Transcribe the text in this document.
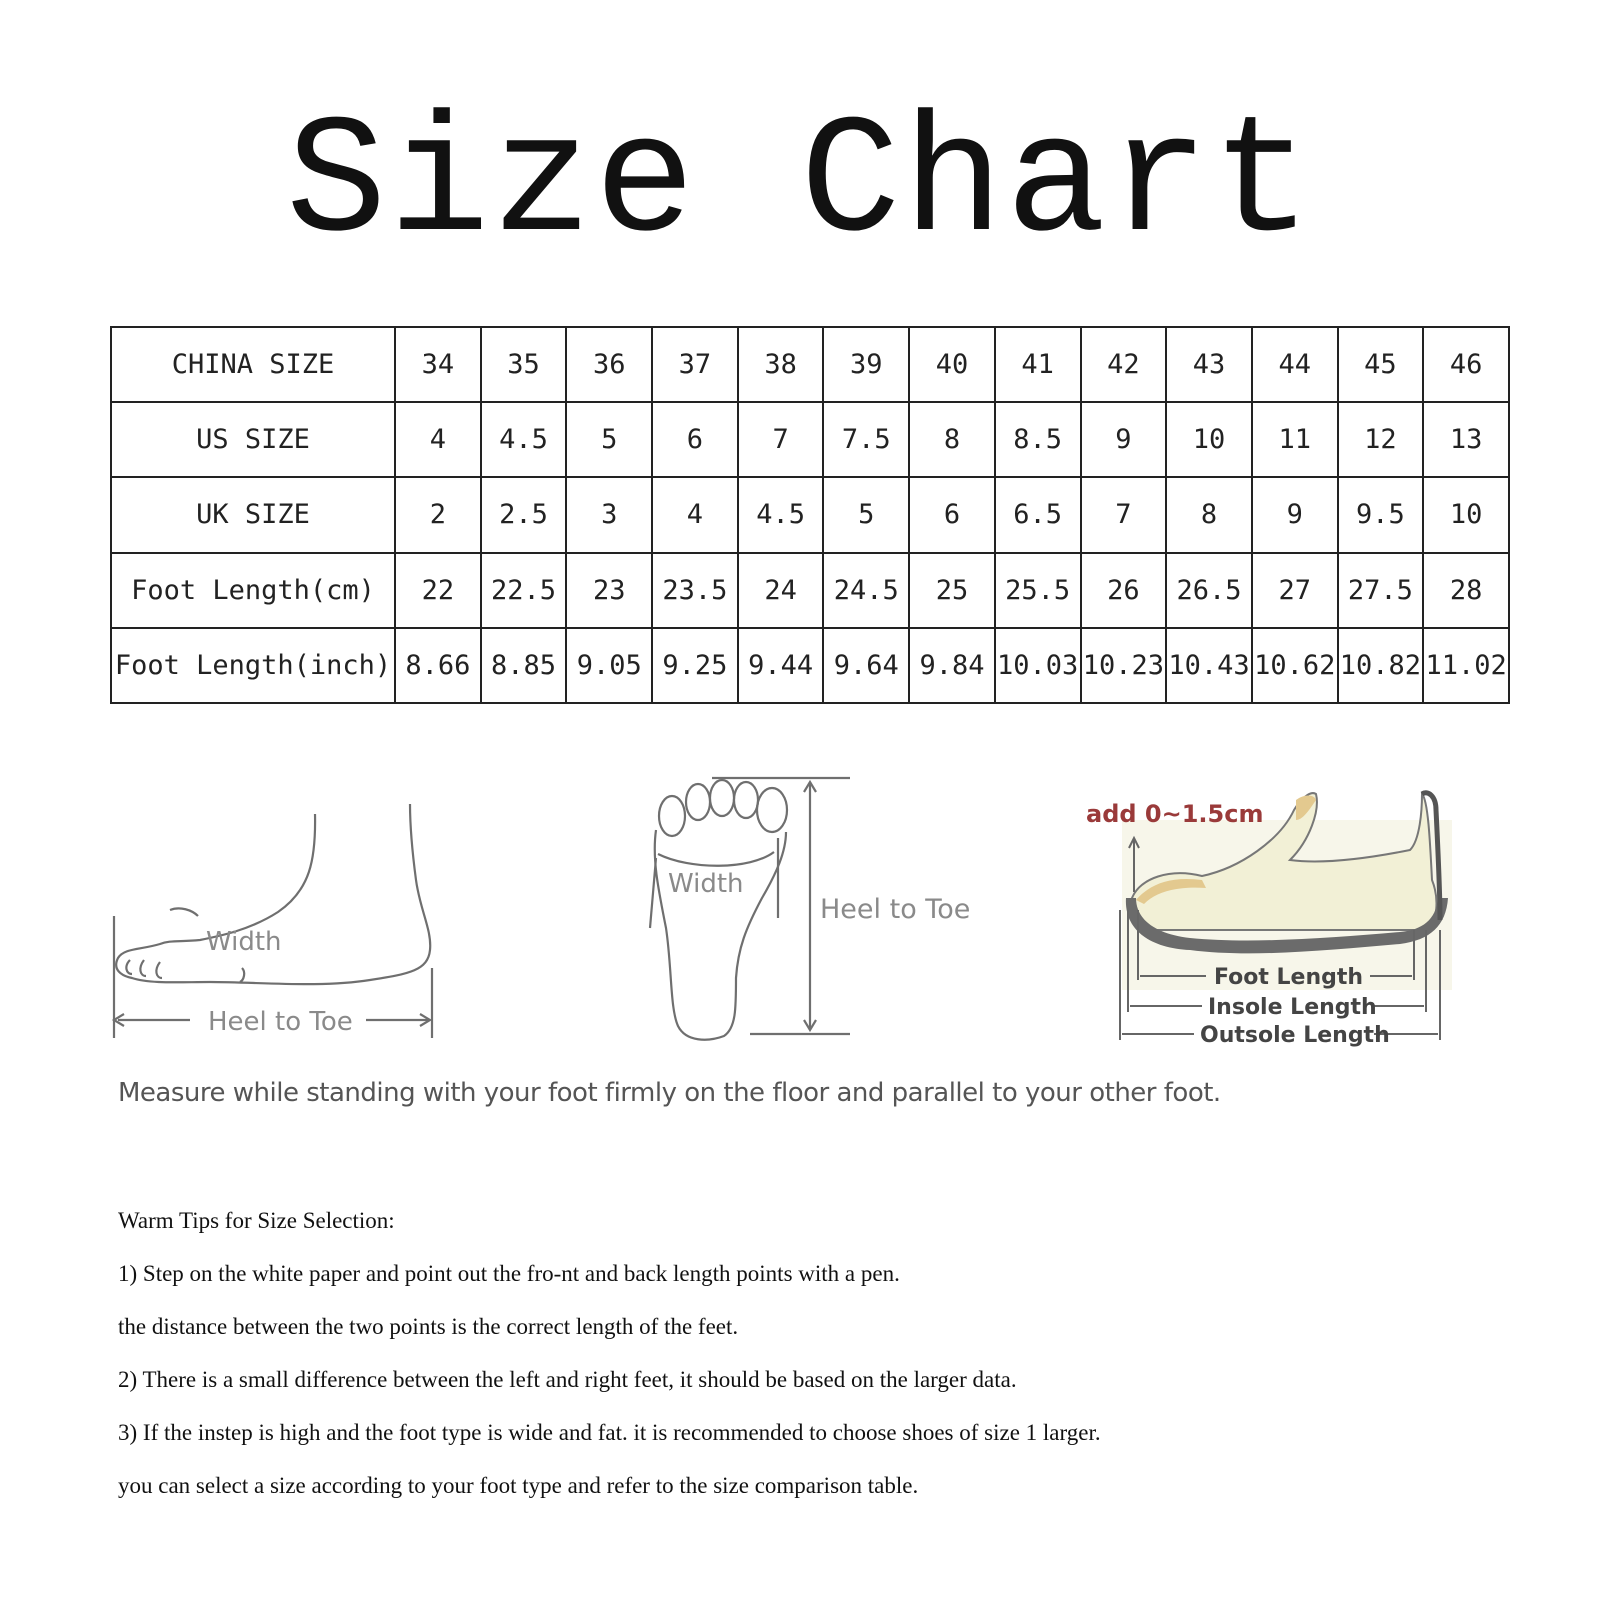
Size Chart
CHINA SIZE	34	35	36	37	38	39	40	41	42	43	44	45	46
US SIZE	4	4.5	5	6	7	7.5	8	8.5	9	10	11	12	13
UK SIZE	2	2.5	3	4	4.5	5	6	6.5	7	8	9	9.5	10
Foot Length(cm)	22	22.5	23	23.5	24	24.5	25	25.5	26	26.5	27	27.5	28
Foot Length(inch)	8.66	8.85	9.05	9.25	9.44	9.64	9.84	10.03	10.23	10.43	10.62	10.82	11.02
Width
Heel to Toe
Width
Heel to Toe
add 0~1.5cm
Foot Length
Insole Length
Outsole Length
Measure while standing with your foot firmly on the floor and parallel to your other foot.
Warm Tips for Size Selection:
1) Step on the white paper and point out the fro-nt and back length points with a pen.
the distance between the two points is the correct length of the feet.
2) There is a small difference between the left and right feet, it should be based on the larger data.
3) If the instep is high and the foot type is wide and fat. it is recommended to choose shoes of size 1 larger.
you can select a size according to your foot type and refer to the size comparison table.
